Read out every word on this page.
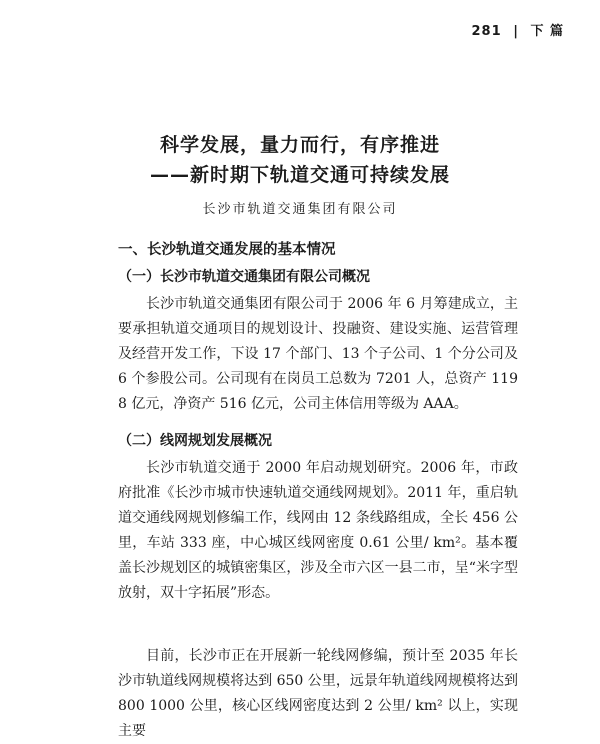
281 | 下 篇
科学发展，量力而行，有序推进
——新时期下轨道交通可持续发展
长沙市轨道交通集团有限公司
一、长沙轨道交通发展的基本情况
（一）长沙市轨道交通集团有限公司概况
长沙市轨道交通集团有限公司于 2006 年 6 月筹建成立，主要承担轨道交通项目的规划设计、投融资、建设实施、运营管理及经营开发工作，下设 17 个部门、13 个子公司、1 个分公司及 6 个参股公司。公司现有在岗员工总数为 7201 人，总资产 1198 亿元，净资产 516 亿元，公司主体信用等级为 AAA。
（二）线网规划发展概况
长沙市轨道交通于 2000 年启动规划研究。2006 年，市政府批准《长沙市城市快速轨道交通线网规划》。2011 年，重启轨道交通线网规划修编工作，线网由 12 条线路组成，全长 456 公里，车站 333 座，中心城区线网密度 0.61 公里/ km²。基本覆盖长沙规划区的城镇密集区，涉及全市六区一县二市，呈“米字型放射，双十字拓展”形态。
目前，长沙市正在开展新一轮线网修编，预计至 2035 年长沙市轨道线网规模将达到 650 公里，远景年轨道线网规模将达到 800 1000 公里，核心区线网密度达到 2 公里/ km² 以上，实现主要
